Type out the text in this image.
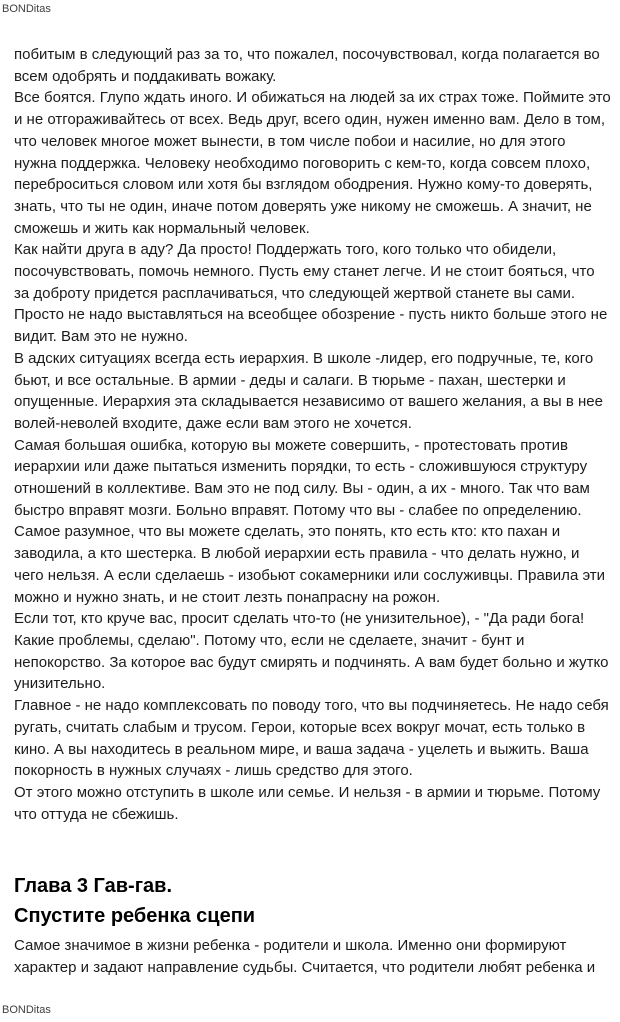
BONDitas

побитым в следующий раз за то, что пожалел, посочувствовал, когда полагается во всем одобрять и поддакивать вожаку.

Все боятся. Глупо ждать иного. И обижаться на людей за их страх тоже. Поймите это и не отгораживайтесь от всех. Ведь друг, всего один, нужен именно вам. Дело в том, что человек многое может вынести, в том числе побои и насилие, но для этого нужна поддержка. Человеку необходимо поговорить с кем-то, когда совсем плохо, переброситься словом или хотя бы взглядом ободрения. Нужно кому-то доверять, знать, что ты не один, иначе потом доверять уже никому не сможешь. А значит, не сможешь и жить как нормальный человек.

Как найти друга в аду? Да просто! Поддержать того, кого только что обидели, посочувствовать, помочь немного. Пусть ему станет легче. И не стоит бояться, что за доброту придется расплачиваться, что следующей жертвой станете вы сами. Просто не надо выставляться на всеобщее обозрение - пусть никто больше этого не видит. Вам это не нужно.

В адских ситуациях всегда есть иерархия. В школе -лидер, его подручные, те, кого бьют, и все остальные. В армии - деды и салаги. В тюрьме - пахан, шестерки и опущенные. Иерархия эта складывается независимо от вашего желания, а вы в нее волей-неволей входите, даже если вам этого не хочется.

Самая большая ошибка, которую вы можете совершить, - протестовать против иерархии или даже пытаться изменить порядки, то есть - сложившуюся структуру отношений в коллективе. Вам это не под силу. Вы - один, а их - много. Так что вам быстро вправят мозги. Больно вправят. Потому что вы - слабее по определению. Самое разумное, что вы можете сделать, это понять, кто есть кто: кто пахан и заводила, а кто шестерка. В любой иерархии есть правила - что делать нужно, и чего нельзя. А если сделаешь - изобьют сокамерники или сослуживцы. Правила эти можно и нужно знать, и не стоит лезть понапрасну на рожон.

Если тот, кто круче вас, просит сделать что-то (не унизительное), - "Да ради бога! Какие проблемы, сделаю". Потому что, если не сделаете, значит - бунт и непокорство. За которое вас будут смирять и подчинять. А вам будет больно и жутко унизительно.

Главное - не надо комплексовать по поводу того, что вы подчиняетесь. Не надо себя ругать, считать слабым и трусом. Герои, которые всех вокруг мочат, есть только в кино. А вы находитесь в реальном мире, и ваша задача - уцелеть и выжить. Ваша покорность в нужных случаях - лишь средство для этого.

От этого можно отступить в школе или семье. И нельзя - в армии и тюрьме. Потому что оттуда не сбежишь.

Глава 3 Гав-гав.
Спустите ребенка сцепи

Самое значимое в жизни ребенка - родители и школа. Именно они формируют характер и задают направление судьбы. Считается, что родители любят ребенка и

BONDitas
